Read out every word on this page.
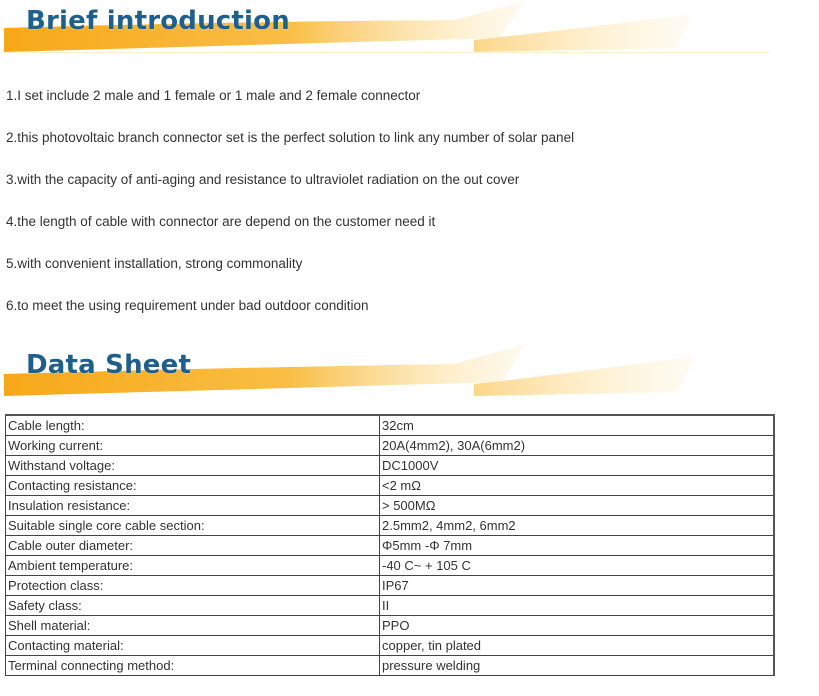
Brief introduction
1.I set include 2 male and 1 female or 1 male and 2 female connector
2.this photovoltaic branch connector set is the perfect solution to link any number of solar panel
3.with the capacity of anti-aging and resistance to ultraviolet radiation on the out cover
4.the length of cable with connector are depend on the customer need it
5.with convenient installation, strong commonality
6.to meet the using requirement under bad outdoor condition
Data Sheet
Cable length:	32cm
Working current:	20A(4mm2), 30A(6mm2)
Withstand voltage:	DC1000V
Contacting resistance:	<2 mΩ
Insulation resistance:	> 500MΩ
Suitable single core cable section:	2.5mm2, 4mm2, 6mm2
Cable outer diameter:	Φ5mm -Φ 7mm
Ambient temperature:	-40 C~ + 105 C
Protection class:	IP67
Safety class:	II
Shell material:	PPO
Contacting material:	copper, tin plated
Terminal connecting method:	pressure welding
